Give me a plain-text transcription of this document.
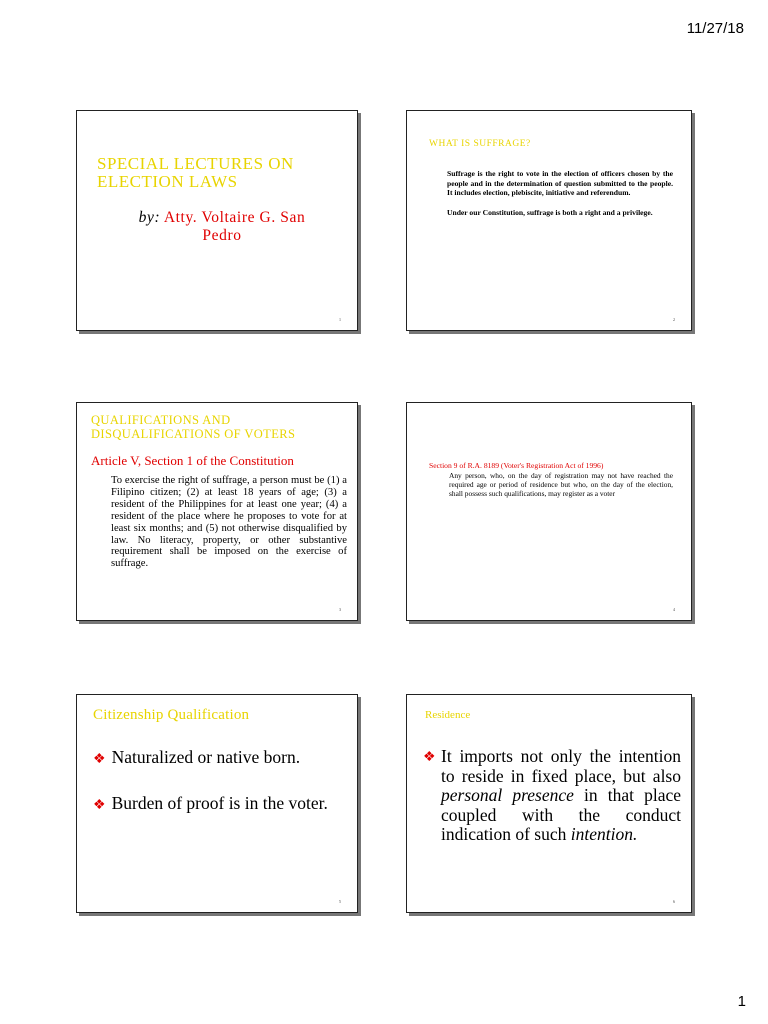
11/27/18
SPECIAL LECTURES ON
ELECTION LAWS
by: Atty. Voltaire G. San
Pedro
1
WHAT IS SUFFRAGE?

Suffrage is the right to vote in the election of officers chosen by the people and in the determination of question submitted to the people. It includes election, plebiscite, initiative and referendum.

Under our Constitution, suffrage is both a right and a privilege.

2
QUALIFICATIONS AND
DISQUALIFICATIONS OF VOTERS
Article V, Section 1 of the Constitution
To exercise the right of suffrage, a person must be (1) a Filipino citizen; (2) at least 18 years of age; (3) a resident of the Philippines for at least one year; (4) a resident of the place where he proposes to vote for at least six months; and (5) not otherwise disqualified by law. No literacy, property, or other substantive requirement shall be imposed on the exercise of suffrage.
3
Section 9 of R.A. 8189 (Voter's Registration Act of 1996)
Any person, who, on the day of registration may not have reached the required age or period of residence but who, on the day of the election, shall possess such qualifications, may register as a voter
4
Citizenship Qualification
❖ Naturalized or native born.
❖ Burden of proof is in the voter.
5
Residence
❖ It imports not only the intention to reside in fixed place, but also personal presence in that place coupled with the conduct indication of such intention.
6
1
